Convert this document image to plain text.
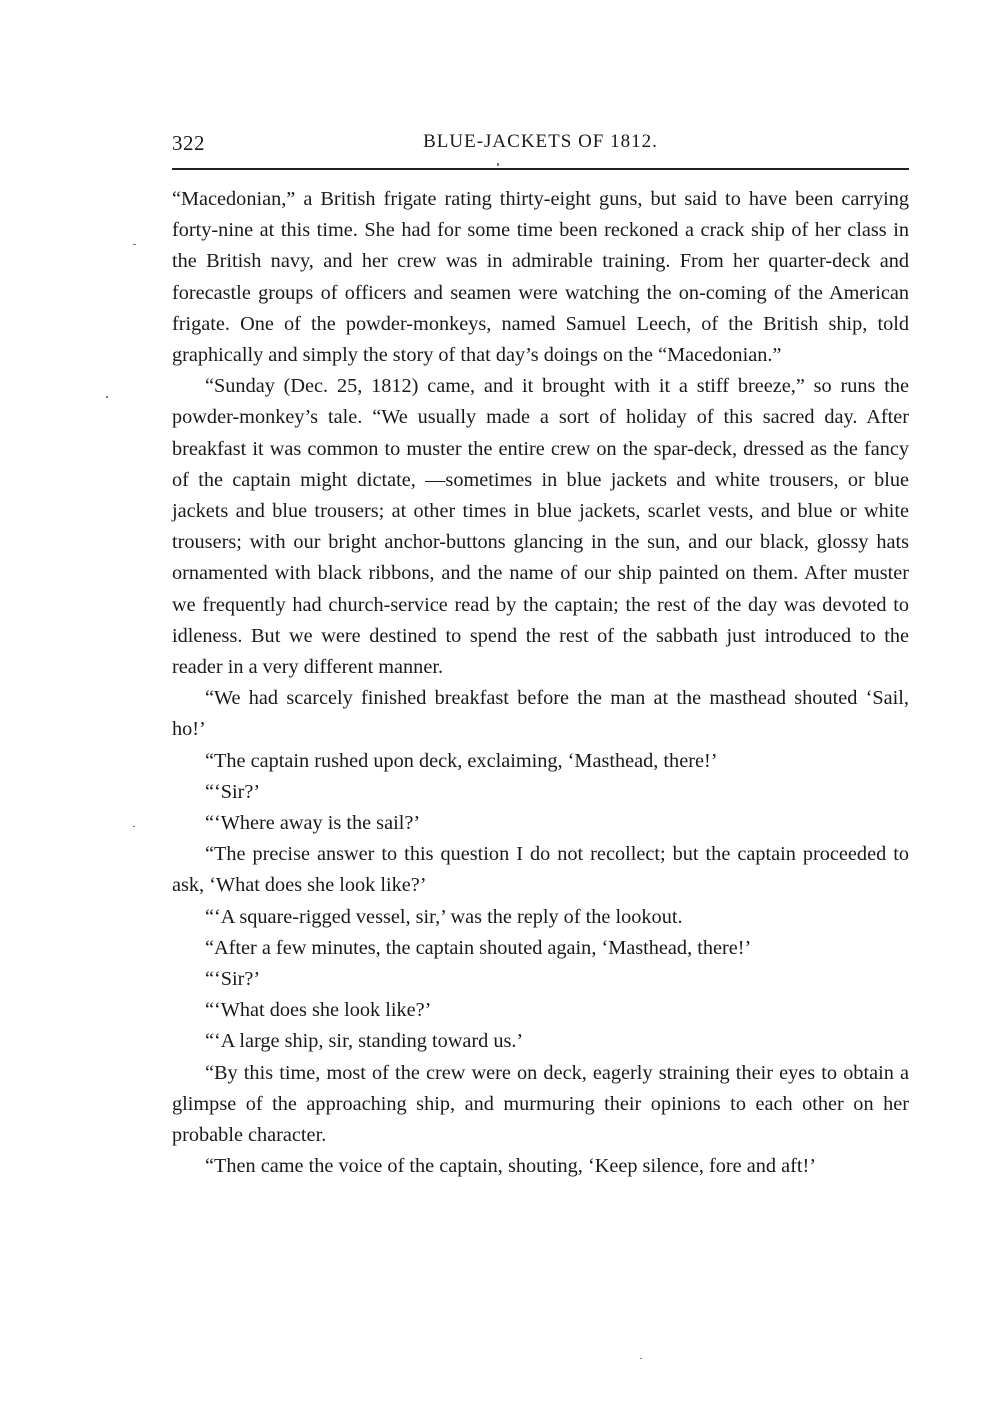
322	BLUE-JACKETS OF 1812.

“Macedonian,” a British frigate rating thirty-eight guns, but said to have been carrying forty-nine at this time. She had for some time been reckoned a crack ship of her class in the British navy, and her crew was in admirable training. From her quarter-deck and forecastle groups of officers and seamen were watching the on-coming of the American frigate. One of the powder-monkeys, named Samuel Leech, of the British ship, told graphically and simply the story of that day’s doings on the “Macedonian.”

“Sunday (Dec. 25, 1812) came, and it brought with it a stiff breeze,” so runs the powder-monkey’s tale. “We usually made a sort of holiday of this sacred day. After breakfast it was common to muster the entire crew on the spar-deck, dressed as the fancy of the captain might dictate, —sometimes in blue jackets and white trousers, or blue jackets and blue trousers; at other times in blue jackets, scarlet vests, and blue or white trousers; with our bright anchor-buttons glancing in the sun, and our black, glossy hats ornamented with black ribbons, and the name of our ship painted on them. After muster we frequently had church-service read by the captain; the rest of the day was devoted to idleness. But we were destined to spend the rest of the sabbath just introduced to the reader in a very different manner.

“We had scarcely finished breakfast before the man at the masthead shouted ‘Sail, ho!’

“The captain rushed upon deck, exclaiming, ‘Masthead, there!’

“‘Sir?’

“‘Where away is the sail?’

“The precise answer to this question I do not recollect; but the captain proceeded to ask, ‘What does she look like?’

“‘A square-rigged vessel, sir,’ was the reply of the lookout.

“After a few minutes, the captain shouted again, ‘Masthead, there!’

“‘Sir?’

“‘What does she look like?’

“‘A large ship, sir, standing toward us.’

“By this time, most of the crew were on deck, eagerly straining their eyes to obtain a glimpse of the approaching ship, and murmuring their opinions to each other on her probable character.

“Then came the voice of the captain, shouting, ‘Keep silence, fore and aft!’
